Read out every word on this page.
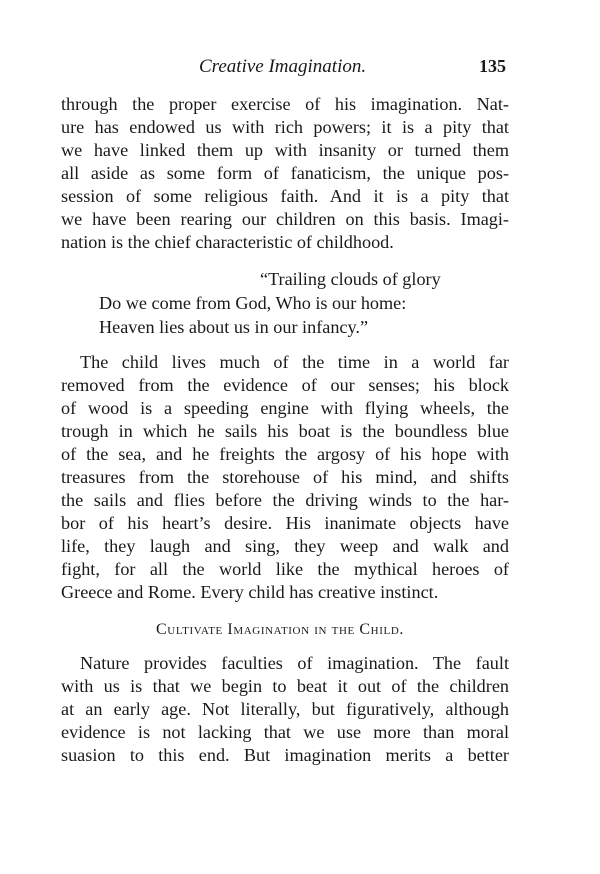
Creative Imagination.	135
through the proper exercise of his imagination. Nat-
ure has endowed us with rich powers; it is a pity that
we have linked them up with insanity or turned them
all aside as some form of fanaticism, the unique pos-
session of some religious faith. And it is a pity that
we have been rearing our children on this basis. Imagi-
nation is the chief characteristic of childhood.
“Trailing clouds of glory
Do we come from God, Who is our home:
Heaven lies about us in our infancy.”
The child lives much of the time in a world far
removed from the evidence of our senses; his block
of wood is a speeding engine with flying wheels, the
trough in which he sails his boat is the boundless blue
of the sea, and he freights the argosy of his hope with
treasures from the storehouse of his mind, and shifts
the sails and flies before the driving winds to the har-
bor of his heart’s desire. His inanimate objects have
life, they laugh and sing, they weep and walk and
fight, for all the world like the mythical heroes of
Greece and Rome. Every child has creative instinct.
Cultivate Imagination in the Child.
Nature provides faculties of imagination. The fault
with us is that we begin to beat it out of the children
at an early age. Not literally, but figuratively, although
evidence is not lacking that we use more than moral
suasion to this end. But imagination merits a better
